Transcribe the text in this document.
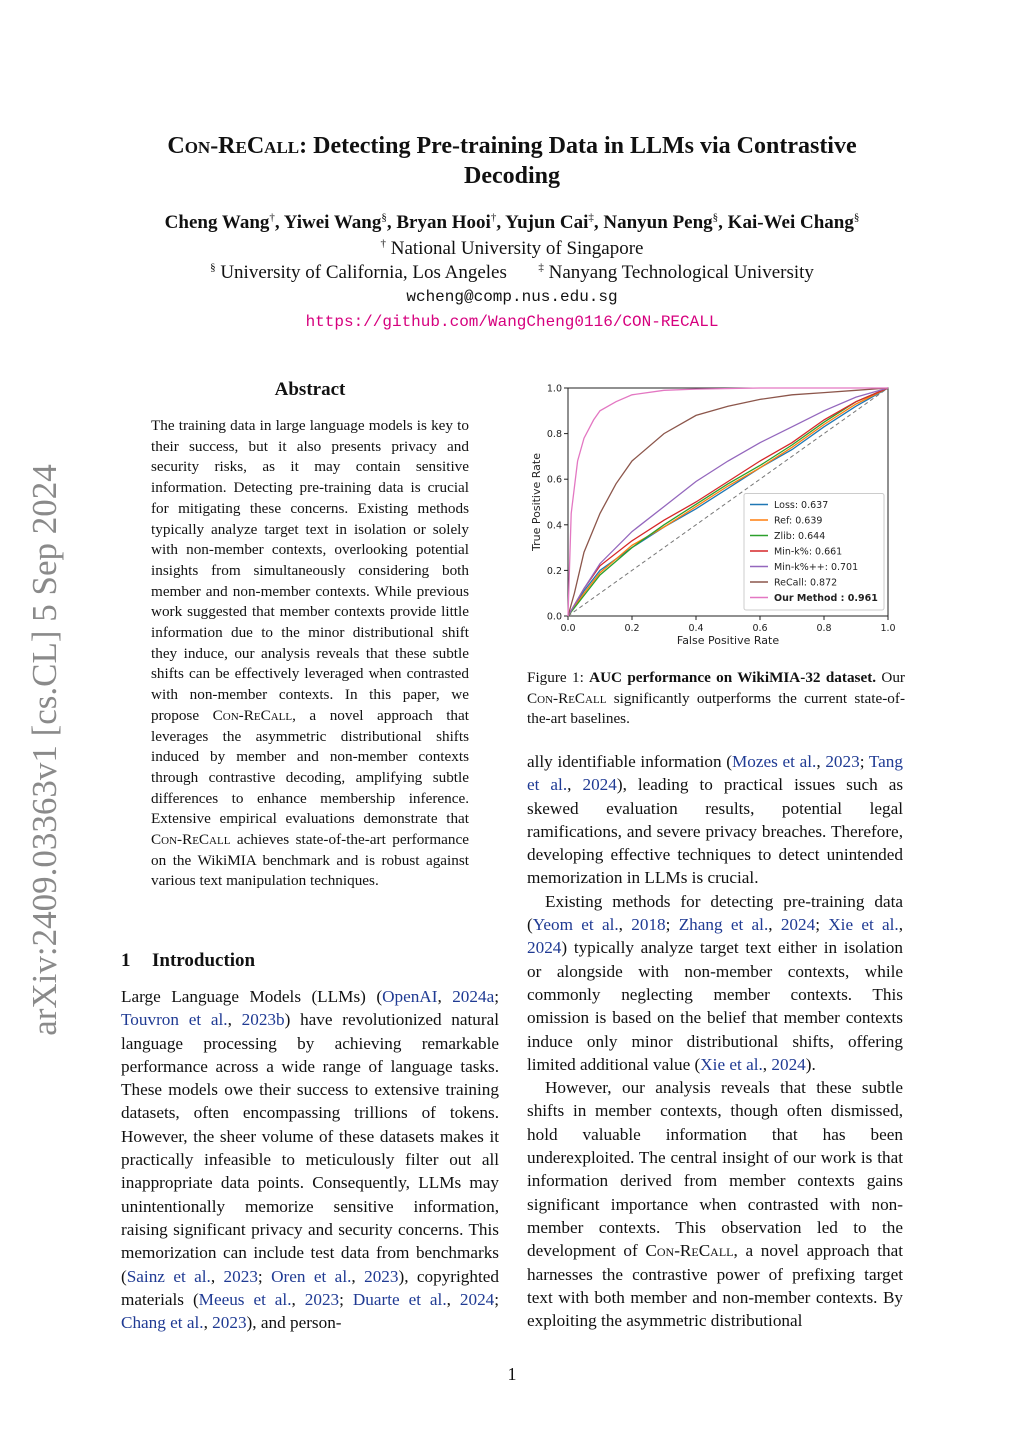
Con-ReCall: Detecting Pre-training Data in LLMs via Contrastive
Decoding
Cheng Wang†, Yiwei Wang§, Bryan Hooi†, Yujun Cai‡, Nanyun Peng§, Kai-Wei Chang§
† National University of Singapore
§ University of California, Los Angeles	‡ Nanyang Technological University
wcheng@comp.nus.edu.sg
https://github.com/WangCheng0116/CON-RECALL
arXiv:2409.03363v1 [cs.CL] 5 Sep 2024
Abstract
The training data in large language models is key to their success, but it also presents privacy and security risks, as it may contain sensitive information. Detecting pre-training data is crucial for mitigating these concerns. Existing methods typically analyze target text in isolation or solely with non-member contexts, overlooking potential insights from simultaneously considering both member and non-member contexts. While previous work suggested that member contexts provide little information due to the minor distributional shift they induce, our analysis reveals that these subtle shifts can be effectively leveraged when contrasted with non-member contexts. In this paper, we propose Con-ReCall, a novel approach that leverages the asymmetric distributional shifts induced by member and non-member contexts through contrastive decoding, amplifying subtle differences to enhance membership inference. Extensive empirical evaluations demonstrate that Con-ReCall achieves state-of-the-art performance on the WikiMIA benchmark and is robust against various text manipulation techniques.
1 Introduction

Large Language Models (LLMs) (OpenAI, 2024a; Touvron et al., 2023b) have revolutionized natural language processing by achieving remarkable performance across a wide range of language tasks. These models owe their success to extensive training datasets, often encompassing trillions of tokens. However, the sheer volume of these datasets makes it practically infeasible to meticulously filter out all inappropriate data points. Consequently, LLMs may unintentionally memorize sensitive information, raising significant privacy and security concerns. This memorization can include test data from benchmarks (Sainz et al., 2023; Oren et al., 2023), copyrighted materials (Meeus et al., 2023; Duarte et al., 2024; Chang et al., 2023), and person-

0.0	0.2	0.4	0.6	0.8	1.0
0.0
0.2
0.4
0.6
0.8
1.0
False Positive Rate
True Positive Rate	Loss: 0.637
Ref: 0.639
Zlib: 0.644
Min-k%: 0.661
Min-k%++: 0.701
ReCall: 0.872
Our Method : 0.961
Figure 1: AUC performance on WikiMIA-32 dataset. Our Con-ReCall significantly outperforms the current state-of-the-art baselines.

ally identifiable information (Mozes et al., 2023; Tang et al., 2024), leading to practical issues such as skewed evaluation results, potential legal ramifications, and severe privacy breaches. Therefore, developing effective techniques to detect unintended memorization in LLMs is crucial.

Existing methods for detecting pre-training data (Yeom et al., 2018; Zhang et al., 2024; Xie et al., 2024) typically analyze target text either in isolation or alongside with non-member contexts, while commonly neglecting member contexts. This omission is based on the belief that member contexts induce only minor distributional shifts, offering limited additional value (Xie et al., 2024).

However, our analysis reveals that these subtle shifts in member contexts, though often dismissed, hold valuable information that has been underexploited. The central insight of our work is that information derived from member contexts gains significant importance when contrasted with non-member contexts. This observation led to the development of Con-ReCall, a novel approach that harnesses the contrastive power of prefixing target text with both member and non-member contexts. By exploiting the asymmetric distributional

1
